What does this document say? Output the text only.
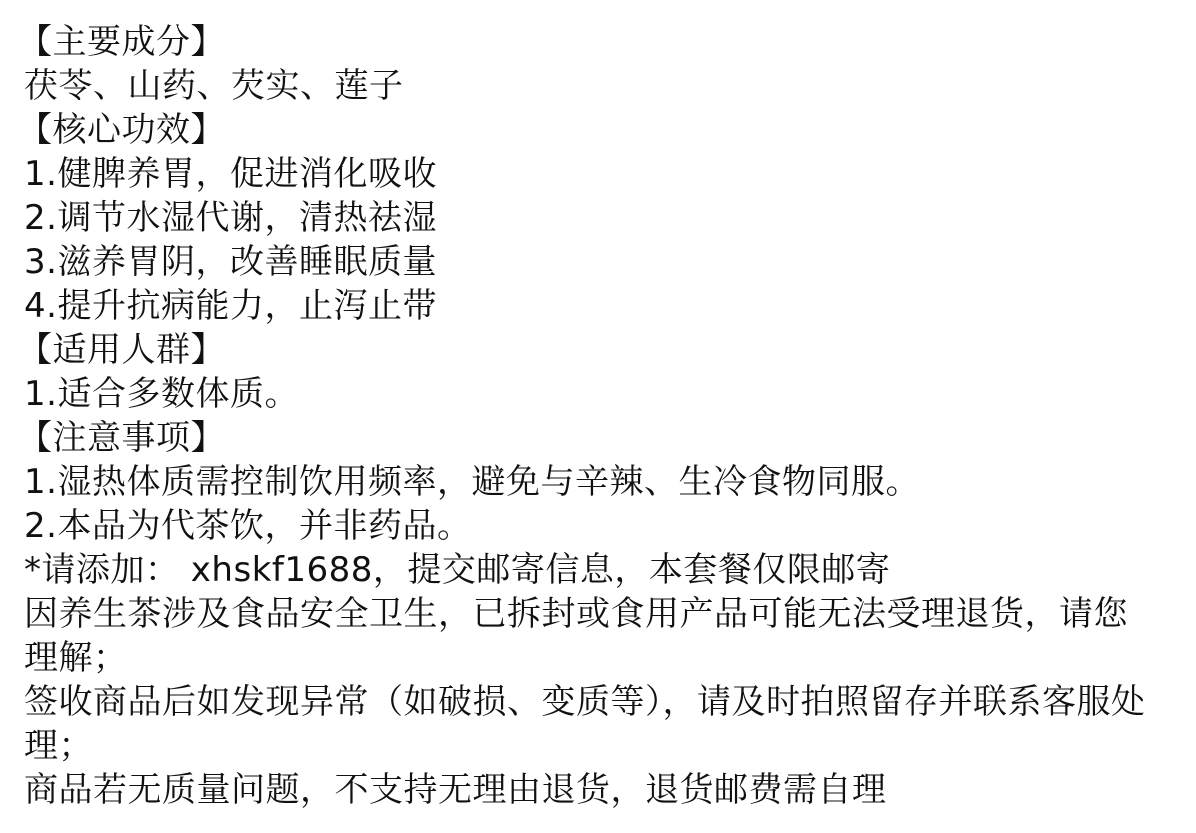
【主要成分】
茯苓、山药、芡实、莲子
【核心功效】
1.健脾养胃，促进消化吸收
2.调节水湿代谢，清热祛湿
3.滋养胃阴，改善睡眠质量
4.提升抗病能力，止泻止带
【适用人群】
1.适合多数体质。
【注意事项】
1.湿热体质需控制饮用频率，避免与辛辣、生冷食物同服。
2.本品为代茶饮，并非药品。
*请添加： xhskf1688，提交邮寄信息，本套餐仅限邮寄
因养生茶涉及食品安全卫生，已拆封或食用产品可能无法受理退货，请您理解；
签收商品后如发现异常（如破损、变质等），请及时拍照留存并联系客服处理；
商品若无质量问题，不支持无理由退货，退货邮费需自理
